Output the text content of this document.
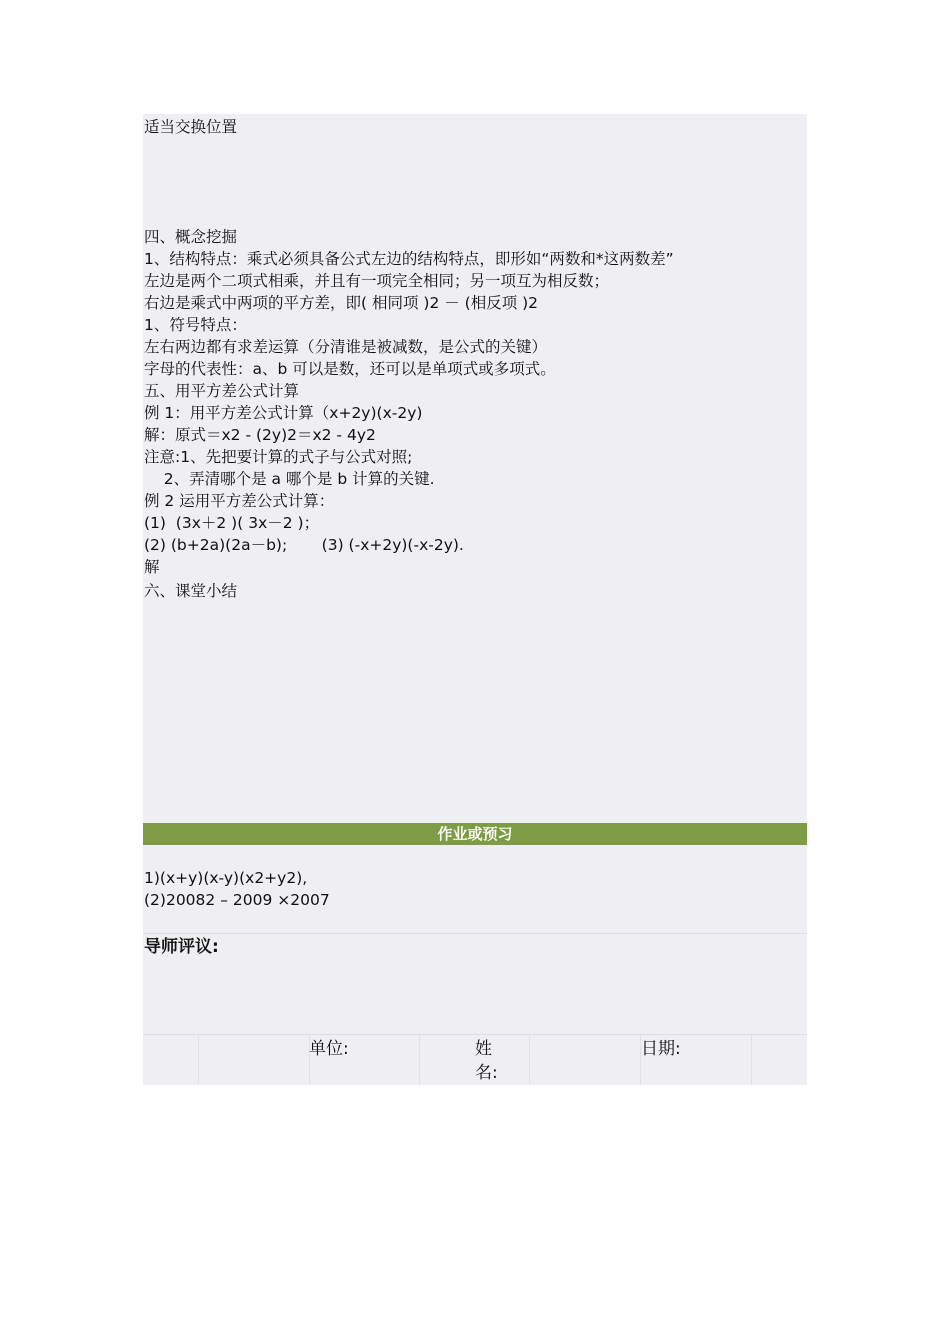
适当交换位置
四、概念挖掘
1、结构特点：乘式必须具备公式左边的结构特点，即形如“两数和*这两数差”
左边是两个二项式相乘，并且有一项完全相同；另一项互为相反数；
右边是乘式中两项的平方差，即( 相同项 )2 － (相反项 )2
1、符号特点：
左右两边都有求差运算（分清谁是被减数，是公式的关键）
字母的代表性：a、b 可以是数，还可以是单项式或多项式。
五、用平方差公式计算
例 1：用平方差公式计算（x+2y)(x-2y)
解：原式＝x2 - (2y)2＝x2 - 4y2
注意:1、先把要计算的式子与公式对照;
2、弄清哪个是 a 哪个是 b 计算的关键.
例 2 运用平方差公式计算：
(1)  (3x＋2 )( 3x－2 )；
(2) (b+2a)(2a－b);       (3) (-x+2y)(-x-2y).
解
六、课堂小结
作业或预习
1)(x+y)(x-y)(x2+y2),
(2)20082 – 2009 ×2007
导师评议:
单位:	姓
名:
日期:
